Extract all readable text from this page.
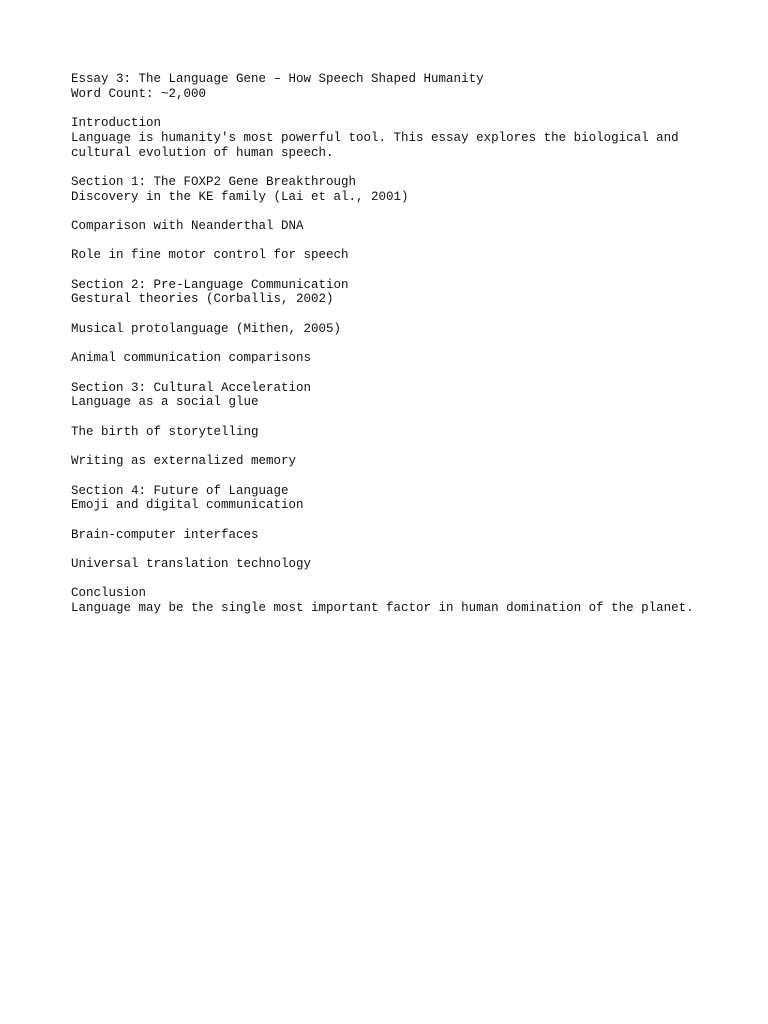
Essay 3: The Language Gene – How Speech Shaped Humanity
Word Count: ~2,000
Introduction
Language is humanity's most powerful tool. This essay explores the biological and
cultural evolution of human speech.
Section 1: The FOXP2 Gene Breakthrough
Discovery in the KE family (Lai et al., 2001)
Comparison with Neanderthal DNA
Role in fine motor control for speech
Section 2: Pre-Language Communication
Gestural theories (Corballis, 2002)
Musical protolanguage (Mithen, 2005)
Animal communication comparisons
Section 3: Cultural Acceleration
Language as a social glue
The birth of storytelling
Writing as externalized memory
Section 4: Future of Language
Emoji and digital communication
Brain-computer interfaces
Universal translation technology
Conclusion
Language may be the single most important factor in human domination of the planet.
